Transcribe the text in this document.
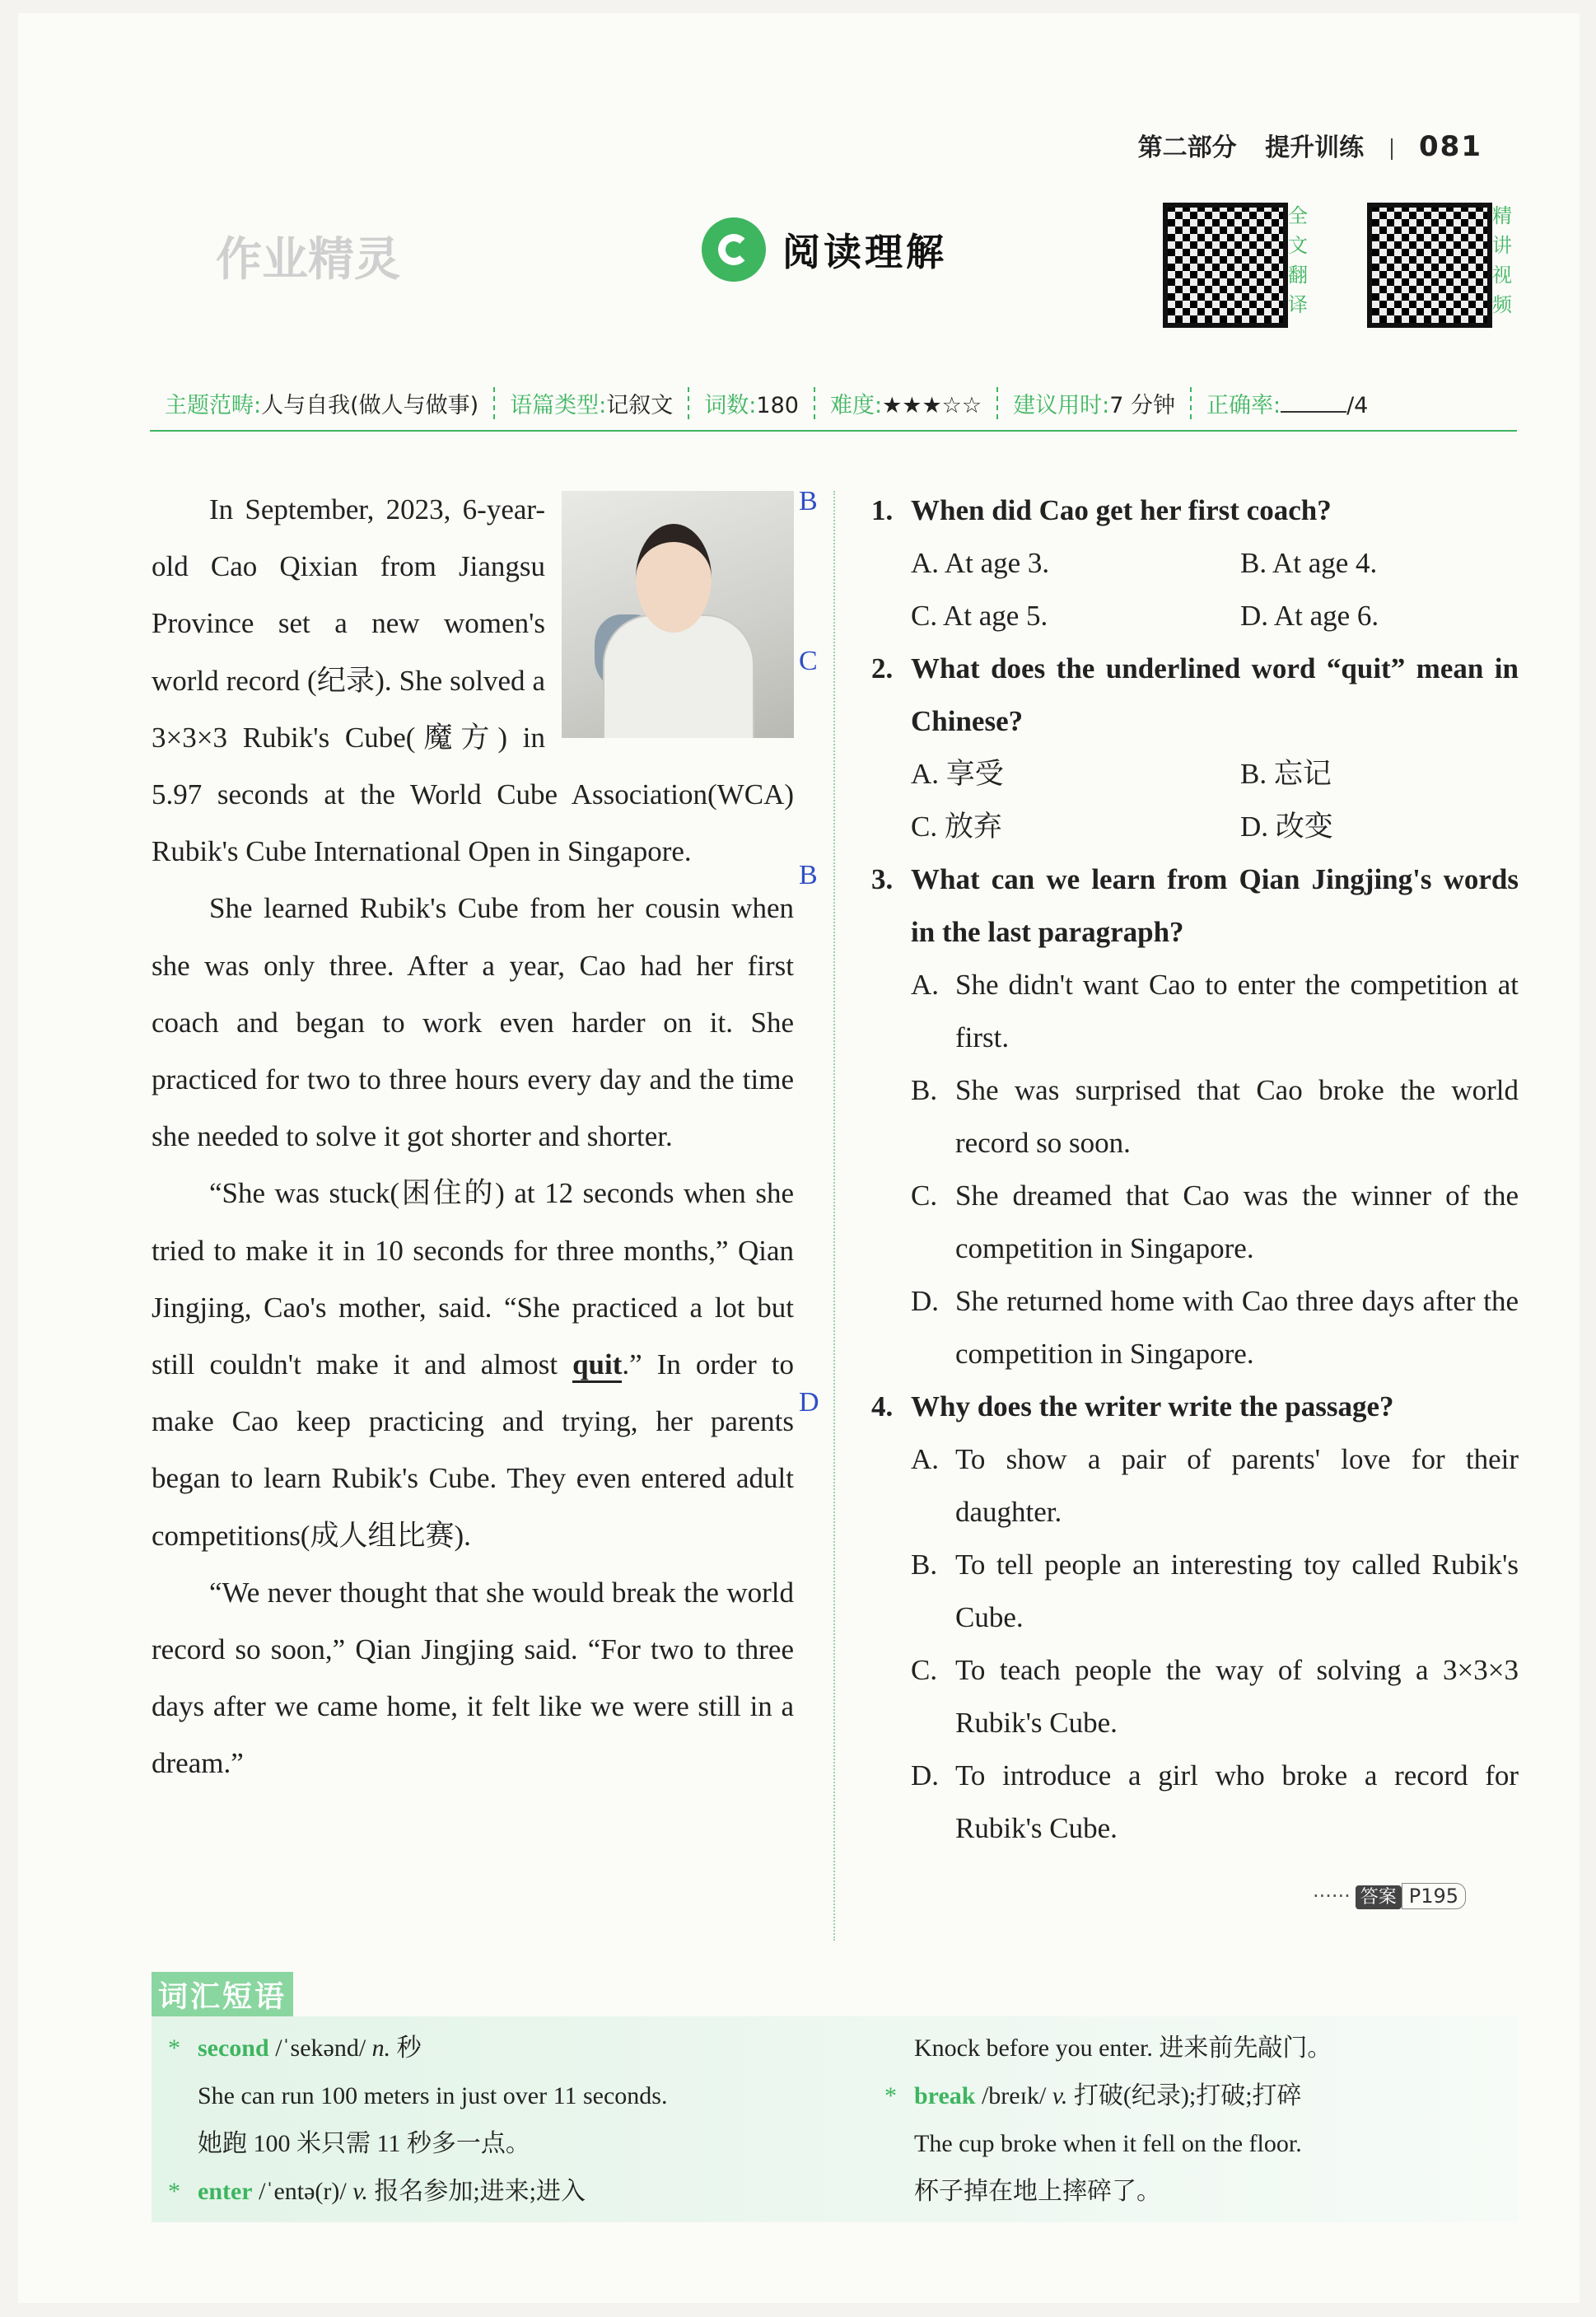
第二部分 提升训练 081
作业精灵	阅读理解
全文翻译
精讲视频
主题范畴:人与自我(做人与做事)	语篇类型:记叙文	词数:180	难度:★★★☆☆	建议用时:7 分钟	正确率:	/4

In September, 2023, 6-year-old Cao Qixian from Jiangsu Province set a new women's world record (纪录). She solved a 3×3×3 Rubik's Cube(魔方) in 5.97 seconds at the World Cube Association(WCA) Rubik's Cube International Open in Singapore.

She learned Rubik's Cube from her cousin when she was only three. After a year, Cao had her first coach and began to work even harder on it. She practiced for two to three hours every day and the time she needed to solve it got shorter and shorter.

“She was stuck(困住的) at 12 seconds when she tried to make it in 10 seconds for three months,” Qian Jingjing, Cao's mother, said. “She practiced a lot but still couldn't make it and almost quit.” In order to make Cao keep practicing and trying, her parents began to learn Rubik's Cube. They even entered adult competitions(成人组比赛).

“We never thought that she would break the world record so soon,” Qian Jingjing said. “For two to three days after we came home, it felt like we were still in a dream.”

B
C
B
D
1. When did Cao get her first coach?
A. At age 3.	B. At age 4.
C. At age 5.	D. At age 6.
2. What does the underlined word “quit” mean in Chinese?
A. 享受	B. 忘记
C. 放弃	D. 改变
3. What can we learn from Qian Jingjing's words in the last paragraph?
A. She didn't want Cao to enter the competition at first.
B. She was surprised that Cao broke the world record so soon.
C. She dreamed that Cao was the winner of the competition in Singapore.
D. She returned home with Cao three days after the competition in Singapore.
4. Why does the writer write the passage?
A. To show a pair of parents' love for their daughter.
B. To tell people an interesting toy called Rubik's Cube.
C. To teach people the way of solving a 3×3×3 Rubik's Cube.
D. To introduce a girl who broke a record for Rubik's Cube.
······ 答案 P195
词汇短语
* second /ˈsekənd/ n. 秒
She can run 100 meters in just over 11 seconds.
她跑 100 米只需 11 秒多一点。
* enter /ˈentə(r)/ v. 报名参加;进来;进入
Knock before you enter. 进来前先敲门。
* break /breɪk/ v. 打破(纪录);打破;打碎
The cup broke when it fell on the floor.
杯子掉在地上摔碎了。
